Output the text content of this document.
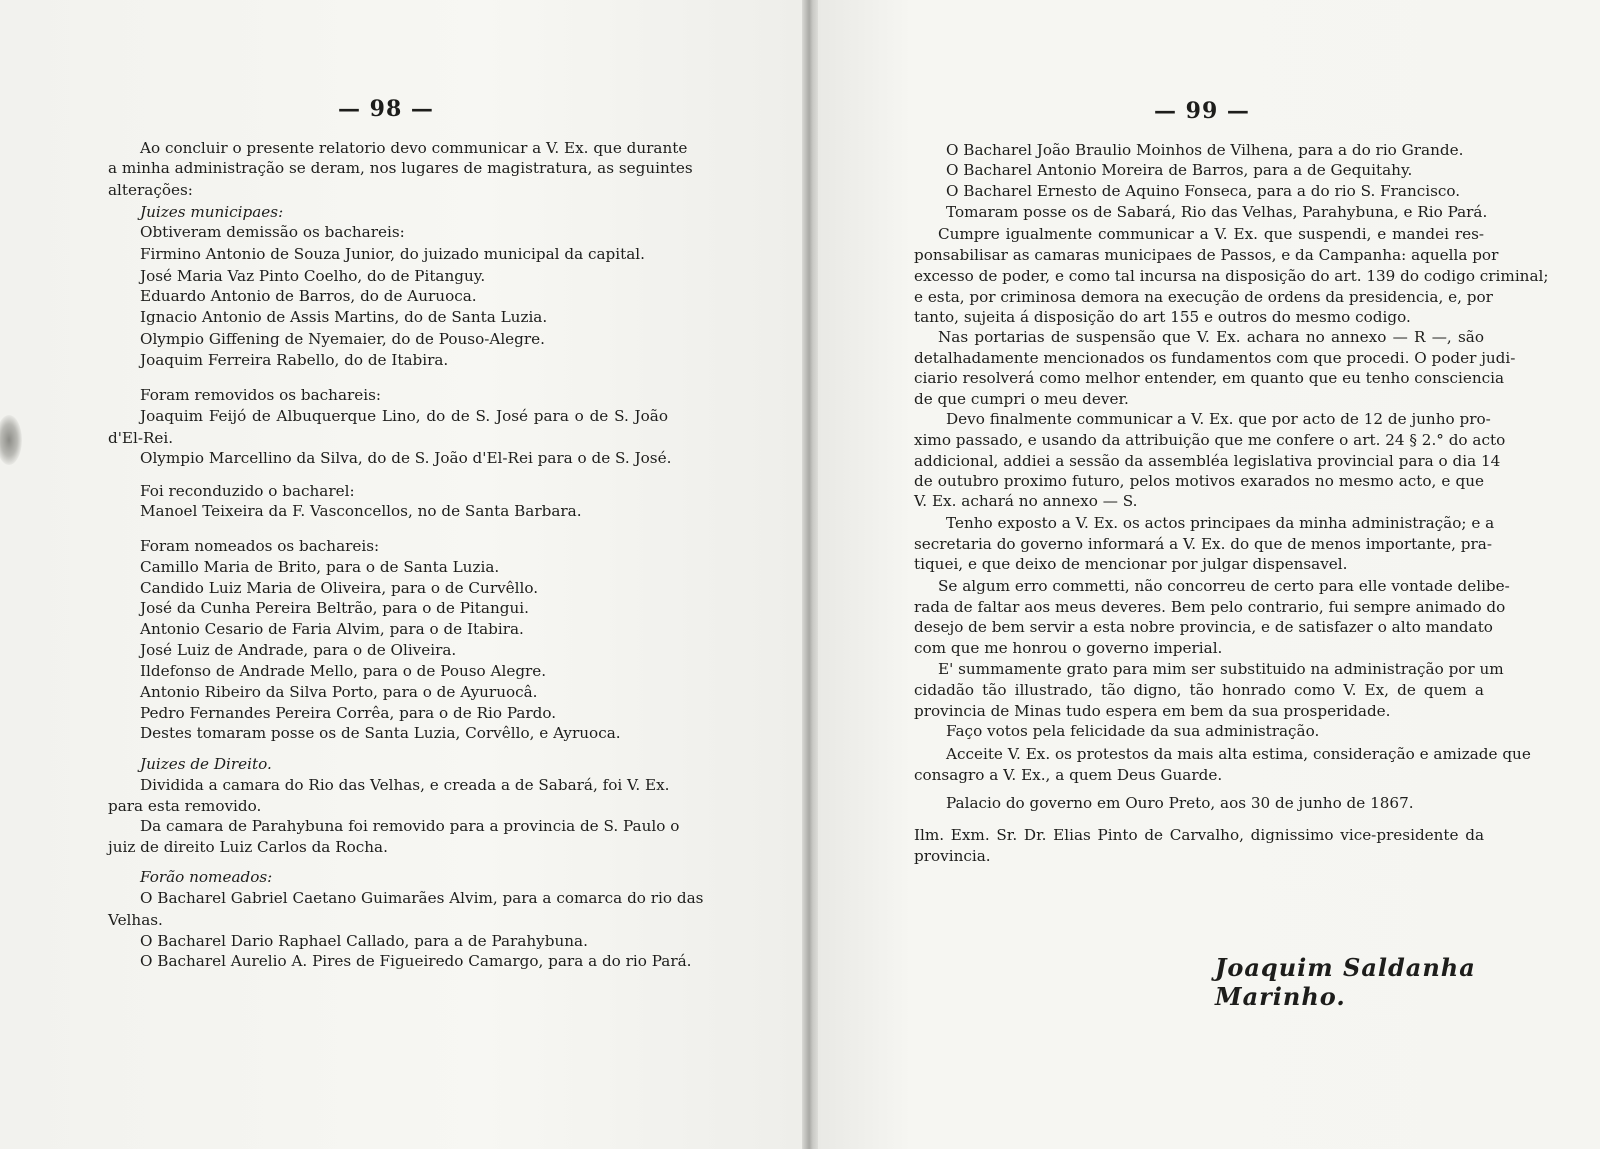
— 98 —
Ao concluir o presente relatorio devo communicar a V. Ex. que durante
a minha administração se deram, nos lugares de magistratura, as seguintes
alterações:
Juizes municipaes:
Obtiveram demissão os bachareis:
Firmino Antonio de Souza Junior, do juizado municipal da capital.
José Maria Vaz Pinto Coelho, do de Pitanguy.
Eduardo Antonio de Barros, do de Auruoca.
Ignacio Antonio de Assis Martins, do de Santa Luzia.
Olympio Giffening de Nyemaier, do de Pouso-Alegre.
Joaquim Ferreira Rabello, do de Itabira.
Foram removidos os bachareis:
Joaquim Feijó de Albuquerque Lino, do de S. José para o de S. João
d'El-Rei.
Olympio Marcellino da Silva, do de S. João d'El-Rei para o de S. José.
Foi reconduzido o bacharel:
Manoel Teixeira da F. Vasconcellos, no de Santa Barbara.
Foram nomeados os bachareis:
Camillo Maria de Brito, para o de Santa Luzia.
Candido Luiz Maria de Oliveira, para o de Curvêllo.
José da Cunha Pereira Beltrão, para o de Pitangui.
Antonio Cesario de Faria Alvim, para o de Itabira.
José Luiz de Andrade, para o de Oliveira.
Ildefonso de Andrade Mello, para o de Pouso Alegre.
Antonio Ribeiro da Silva Porto, para o de Ayuruocâ.
Pedro Fernandes Pereira Corrêa, para o de Rio Pardo.
Destes tomaram posse os de Santa Luzia, Corvêllo, e Ayruoca.
Juizes de Direito.
Dividida a camara do Rio das Velhas, e creada a de Sabará, foi V. Ex.
para esta removido.
Da camara de Parahybuna foi removido para a provincia de S. Paulo o
juiz de direito Luiz Carlos da Rocha.
Forão nomeados:
O Bacharel Gabriel Caetano Guimarães Alvim, para a comarca do rio das
Velhas.
O Bacharel Dario Raphael Callado, para a de Parahybuna.
O Bacharel Aurelio A. Pires de Figueiredo Camargo, para a do rio Pará.
— 99 —
O Bacharel João Braulio Moinhos de Vilhena, para a do rio Grande.
O Bacharel Antonio Moreira de Barros, para a de Gequitahy.
O Bacharel Ernesto de Aquino Fonseca, para a do rio S. Francisco.
Tomaram posse os de Sabará, Rio das Velhas, Parahybuna, e Rio Pará.
Cumpre igualmente communicar a V. Ex. que suspendi, e mandei res-
ponsabilisar as camaras municipaes de Passos, e da Campanha: aquella por
excesso de poder, e como tal incursa na disposição do art. 139 do codigo criminal;
e esta, por criminosa demora na execução de ordens da presidencia, e, por
tanto, sujeita á disposição do art 155 e outros do mesmo codigo.
Nas portarias de suspensão que V. Ex. achara no annexo — R —, são
detalhadamente mencionados os fundamentos com que procedi. O poder judi-
ciario resolverá como melhor entender, em quanto que eu tenho consciencia
de que cumpri o meu dever.
Devo finalmente communicar a V. Ex. que por acto de 12 de junho pro-
ximo passado, e usando da attribuição que me confere o art. 24 § 2.° do acto
addicional, addiei a sessão da assembléa legislativa provincial para o dia 14
de outubro proximo futuro, pelos motivos exarados no mesmo acto, e que
V. Ex. achará no annexo — S.
Tenho exposto a V. Ex. os actos principaes da minha administração; e a
secretaria do governo informará a V. Ex. do que de menos importante, pra-
tiquei, e que deixo de mencionar por julgar dispensavel.
Se algum erro commetti, não concorreu de certo para elle vontade delibe-
rada de faltar aos meus deveres. Bem pelo contrario, fui sempre animado do
desejo de bem servir a esta nobre provincia, e de satisfazer o alto mandato
com que me honrou o governo imperial.
E' summamente grato para mim ser substituido na administração por um
cidadão tão illustrado, tão digno, tão honrado como V. Ex, de quem a
provincia de Minas tudo espera em bem da sua prosperidade.
Faço votos pela felicidade da sua administração.
Acceite V. Ex. os protestos da mais alta estima, consideração e amizade que
consagro a V. Ex., a quem Deus Guarde.
Palacio do governo em Ouro Preto, aos 30 de junho de 1867.
Ilm. Exm. Sr. Dr. Elias Pinto de Carvalho, dignissimo vice-presidente da
provincia.
Joaquim Saldanha Marinho.
